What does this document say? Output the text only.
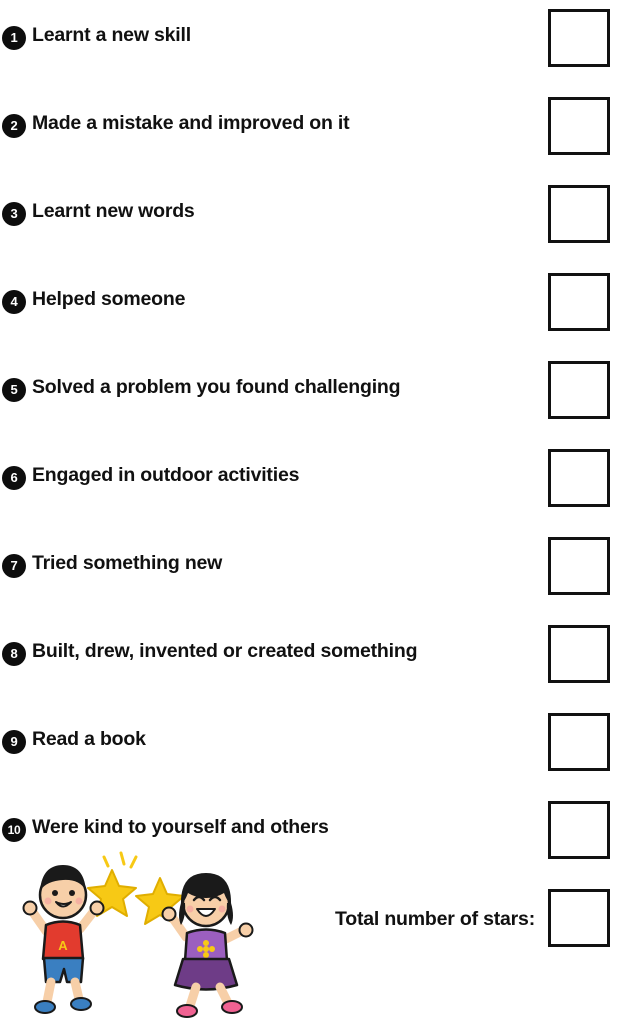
1 Learnt a new skill
2 Made a mistake and improved on it
3 Learnt new words
4 Helped someone
5 Solved a problem you found challenging
6 Engaged in outdoor activities
7 Tried something new
8 Built, drew, invented or created something
9 Read a book
10 Were kind to yourself and others
Total number of stars:
A
